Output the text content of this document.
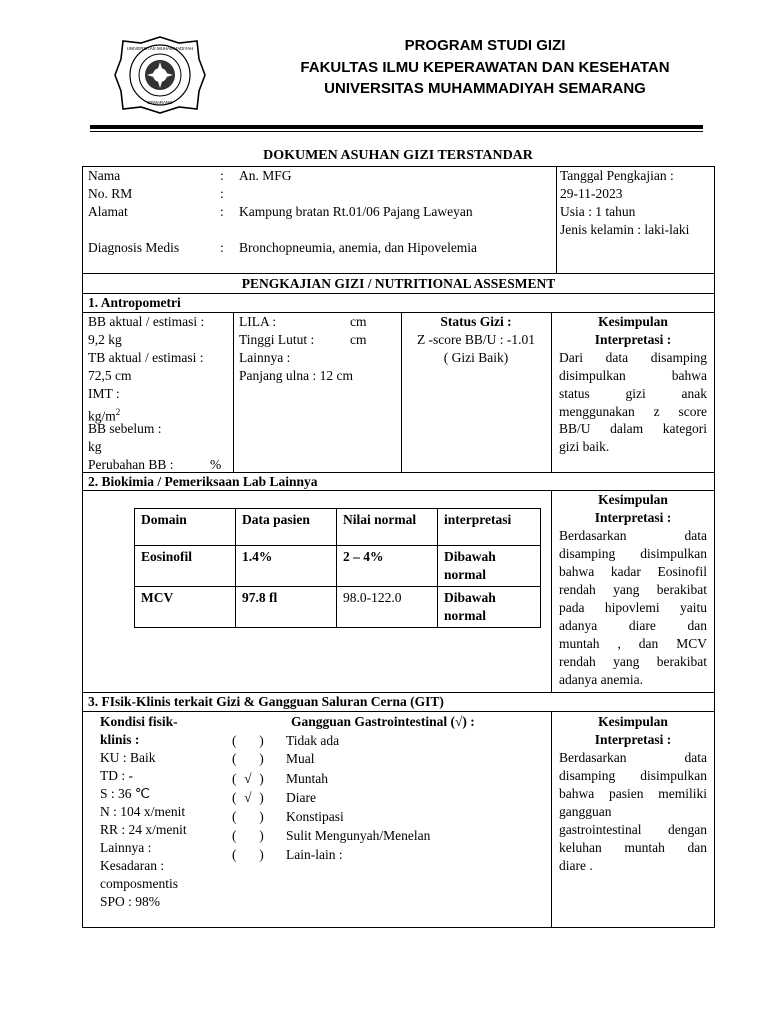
UNIVERSITAS MUHAMMADIYAH
SEMARANG
PROGRAM STUDI GIZI
FAKULTAS ILMU KEPERAWATAN DAN KESEHATAN
UNIVERSITAS MUHAMMADIYAH SEMARANG
DOKUMEN ASUHAN GIZI TERSTANDAR
Nama	: An. MFG
No. RM	:
Alamat	: Kampung bratan Rt.01/06 Pajang Laweyan
Diagnosis Medis	: Bronchopneumia, anemia, dan Hipovelemia
Tanggal Pengkajian :
29-11-2023
Usia : 1 tahun
Jenis kelamin : laki-laki
PENGKAJIAN GIZI / NUTRITIONAL ASSESMENT
1. Antropometri
BB aktual / estimasi :
9,2 kg
TB aktual / estimasi :
72,5 cm
IMT :
$kg/m^2$
BB sebelum :
kg
Perubahan BB :	%
LILA :	cm
Tinggi Lutut :	cm
Lainnya :
Panjang ulna : 12 cm
Status Gizi :
Z -score BB/U : -1.01
( Gizi Baik)
Kesimpulan
Interpretasi :
Dari data disamping
disimpulkan bahwa
status gizi anak
menggunakan z score
BB/U dalam kategori
gizi baik.
2. Biokimia / Pemeriksaan Lab Lainnya
Domain	Data pasien	Nilai normal	interpretasi
Eosinofil	1.4%	2 – 4%	Dibawah normal
MCV	97.8 fl	98.0-122.0	Dibawah normal
Kesimpulan
Interpretasi :
Berdasarkan data
disamping disimpulkan
bahwa kadar Eosinofil
rendah yang berakibat
pada hipovlemi yaitu
adanya diare dan
muntah , dan MCV
rendah yang berakibat
adanya anemia.
3. FIsik-Klinis terkait Gizi & Gangguan Saluran Cerna (GIT)
Kondisi fisik-
klinis :
KU : Baik
TD : -
S : 36 ℃
N : 104 x/menit
RR : 24 x/menit
Lainnya :
Kesadaran :
composmentis
SPO : 98%
Gangguan Gastrointestinal (√) :
(  ) Tidak ada
(  ) Mual
( √ ) Muntah
( √ ) Diare
(  ) Konstipasi
(  ) Sulit Mengunyah/Menelan
(  ) Lain-lain :
Kesimpulan
Interpretasi :
Berdasarkan data
disamping disimpulkan
bahwa pasien memiliki
gangguan
gastrointestinal dengan
keluhan muntah dan
diare .
